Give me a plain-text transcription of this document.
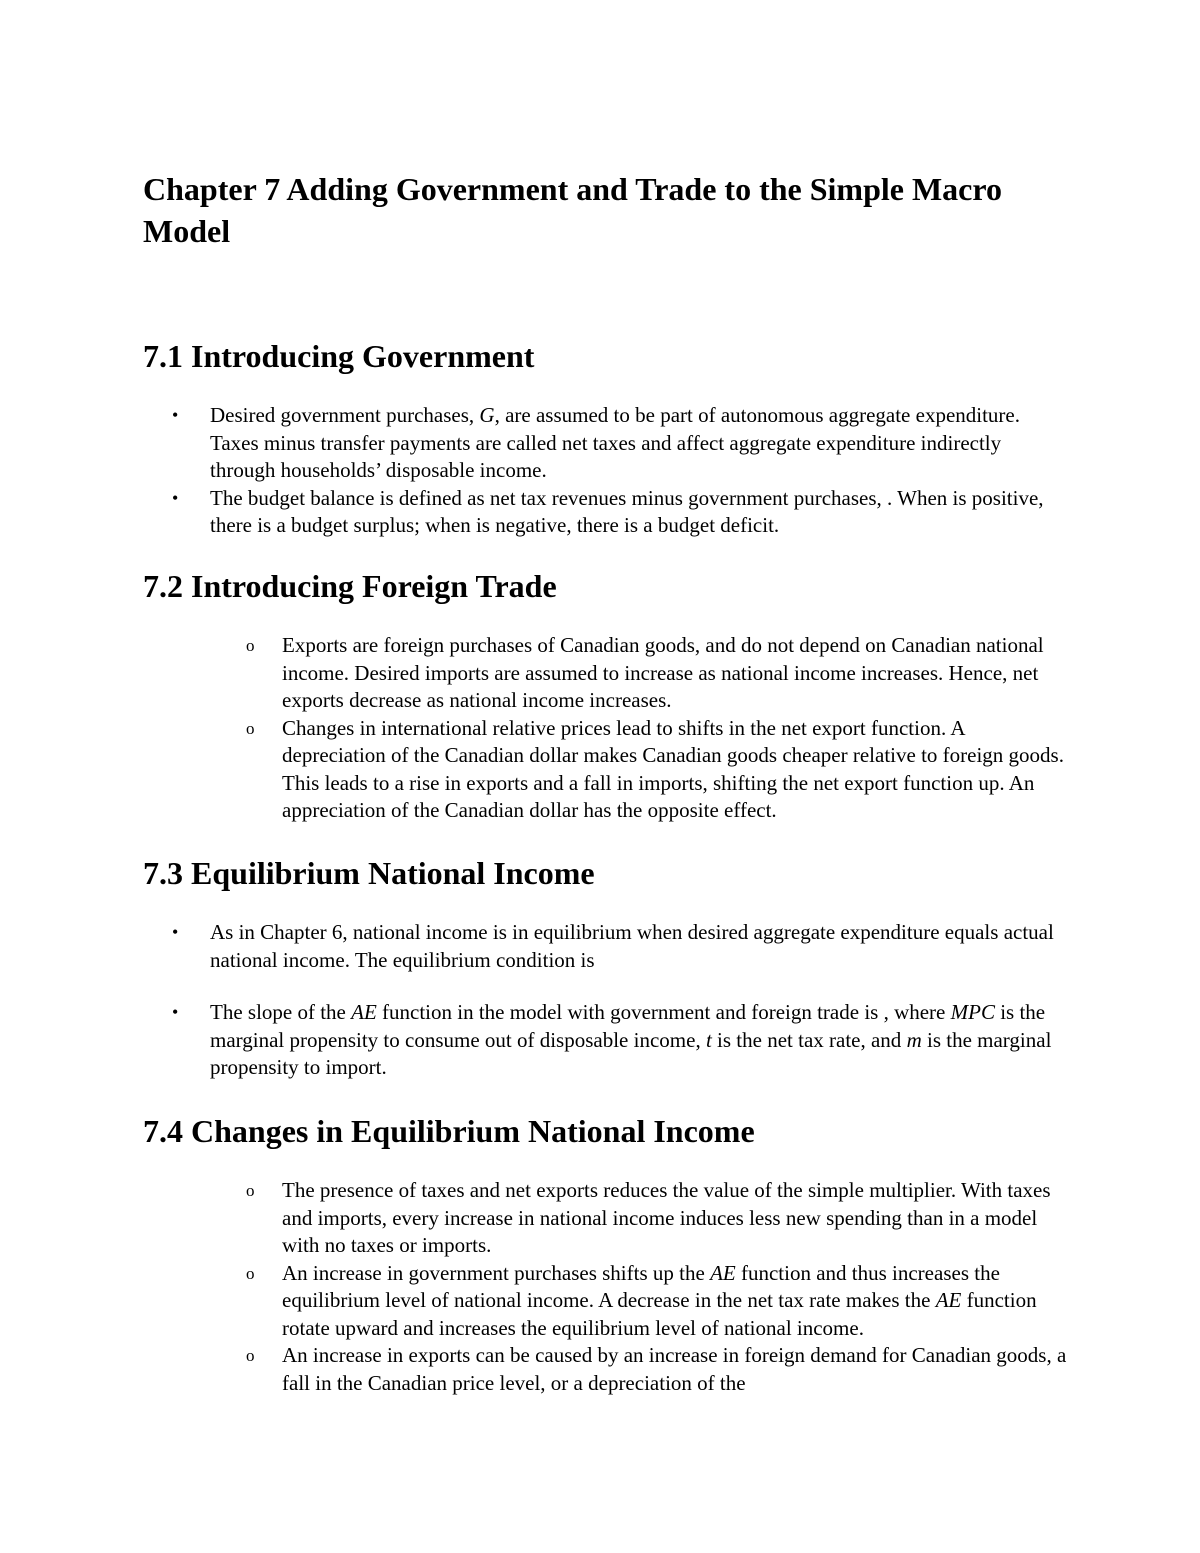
Chapter 7 Adding Government and Trade to the Simple Macro Model
7.1 Introducing Government
• Desired government purchases, G, are assumed to be part of autonomous aggregate expenditure. Taxes minus transfer payments are called net taxes and affect aggregate expenditure indirectly through households’ disposable income.
• The budget balance is defined as net tax revenues minus government purchases, . When is positive, there is a budget surplus; when is negative, there is a budget deficit.
7.2 Introducing Foreign Trade
o Exports are foreign purchases of Canadian goods, and do not depend on Canadian national income. Desired imports are assumed to increase as national income increases. Hence, net exports decrease as national income increases.
o Changes in international relative prices lead to shifts in the net export function. A depreciation of the Canadian dollar makes Canadian goods cheaper relative to foreign goods. This leads to a rise in exports and a fall in imports, shifting the net export function up. An appreciation of the Canadian dollar has the opposite effect.
7.3 Equilibrium National Income
• As in Chapter 6, national income is in equilibrium when desired aggregate expenditure equals actual national income. The equilibrium condition is
• The slope of the AE function in the model with government and foreign trade is , where MPC is the marginal propensity to consume out of disposable income, t is the net tax rate, and m is the marginal propensity to import.
7.4 Changes in Equilibrium National Income
o The presence of taxes and net exports reduces the value of the simple multiplier. With taxes and imports, every increase in national income induces less new spending than in a model with no taxes or imports.
o An increase in government purchases shifts up the AE function and thus increases the equilibrium level of national income. A decrease in the net tax rate makes the AE function rotate upward and increases the equilibrium level of national income.
o An increase in exports can be caused by an increase in foreign demand for Canadian goods, a fall in the Canadian price level, or a depreciation of the
